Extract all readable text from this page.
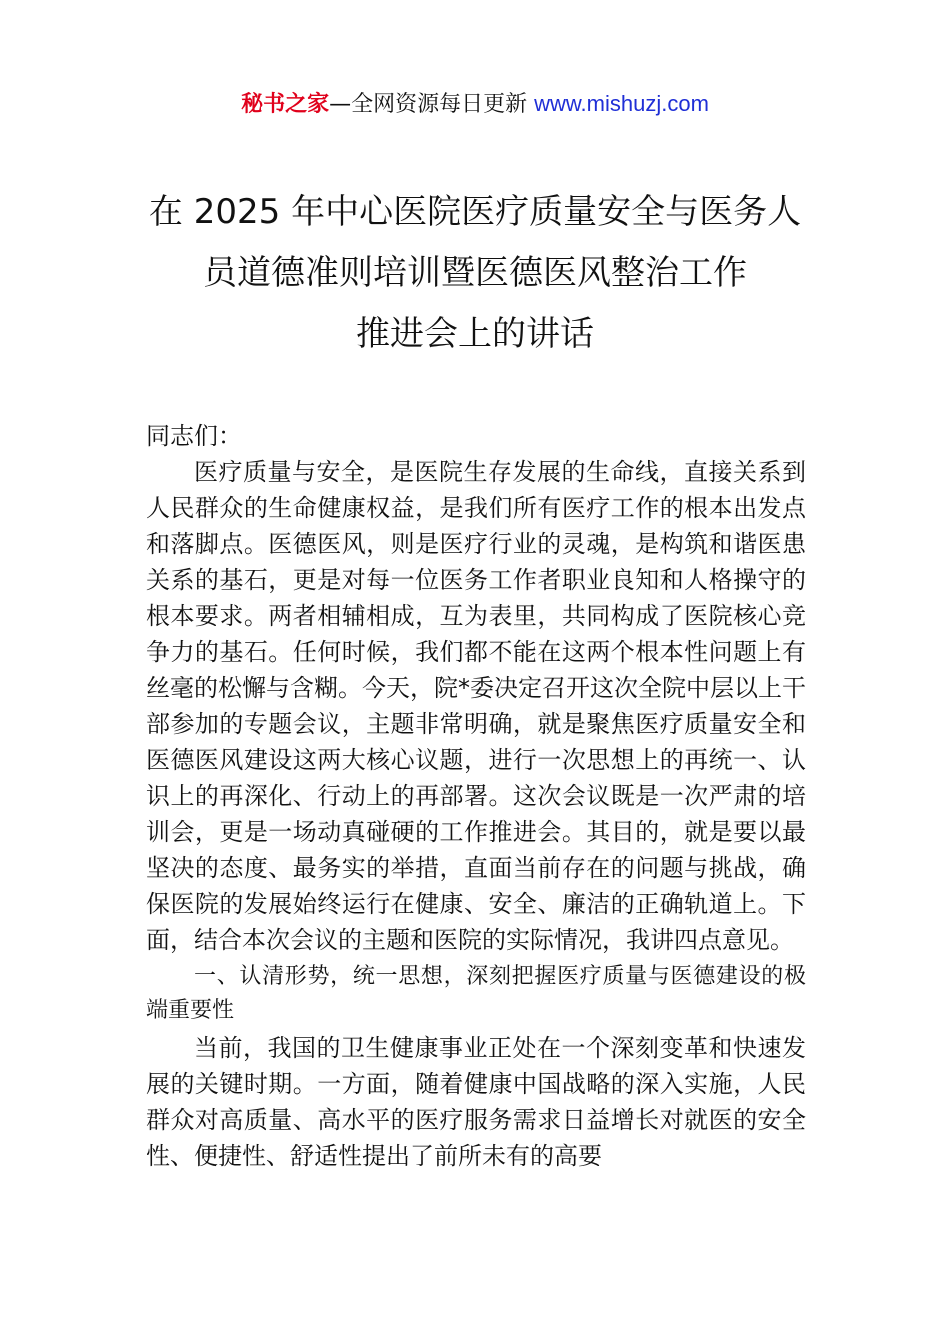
秘书之家—全网资源每日更新 www.mishuzj.com
在 2025 年中心医院医疗质量安全与医务人
员道德准则培训暨医德医风整治工作
推进会上的讲话

同志们：

医疗质量与安全，是医院生存发展的生命线，直接关系到人民群众的生命健康权益，是我们所有医疗工作的根本出发点和落脚点。医德医风，则是医疗行业的灵魂，是构筑和谐医患关系的基石，更是对每一位医务工作者职业良知和人格操守的根本要求。两者相辅相成，互为表里，共同构成了医院核心竞争力的基石。任何时候，我们都不能在这两个根本性问题上有丝毫的松懈与含糊。今天，院*委决定召开这次全院中层以上干部参加的专题会议，主题非常明确，就是聚焦医疗质量安全和医德医风建设这两大核心议题，进行一次思想上的再统一、认识上的再深化、行动上的再部署。这次会议既是一次严肃的培训会，更是一场动真碰硬的工作推进会。其目的，就是要以最坚决的态度、最务实的举措，直面当前存在的问题与挑战，确保医院的发展始终运行在健康、安全、廉洁的正确轨道上。下面，结合本次会议的主题和医院的实际情况，我讲四点意见。

一、认清形势，统一思想，深刻把握医疗质量与医德建设的极端重要性

当前，我国的卫生健康事业正处在一个深刻变革和快速发展的关键时期。一方面，随着健康中国战略的深入实施，人民群众对高质量、高水平的医疗服务需求日益增长对就医的安全性、便捷性、舒适性提出了前所未有的高要
